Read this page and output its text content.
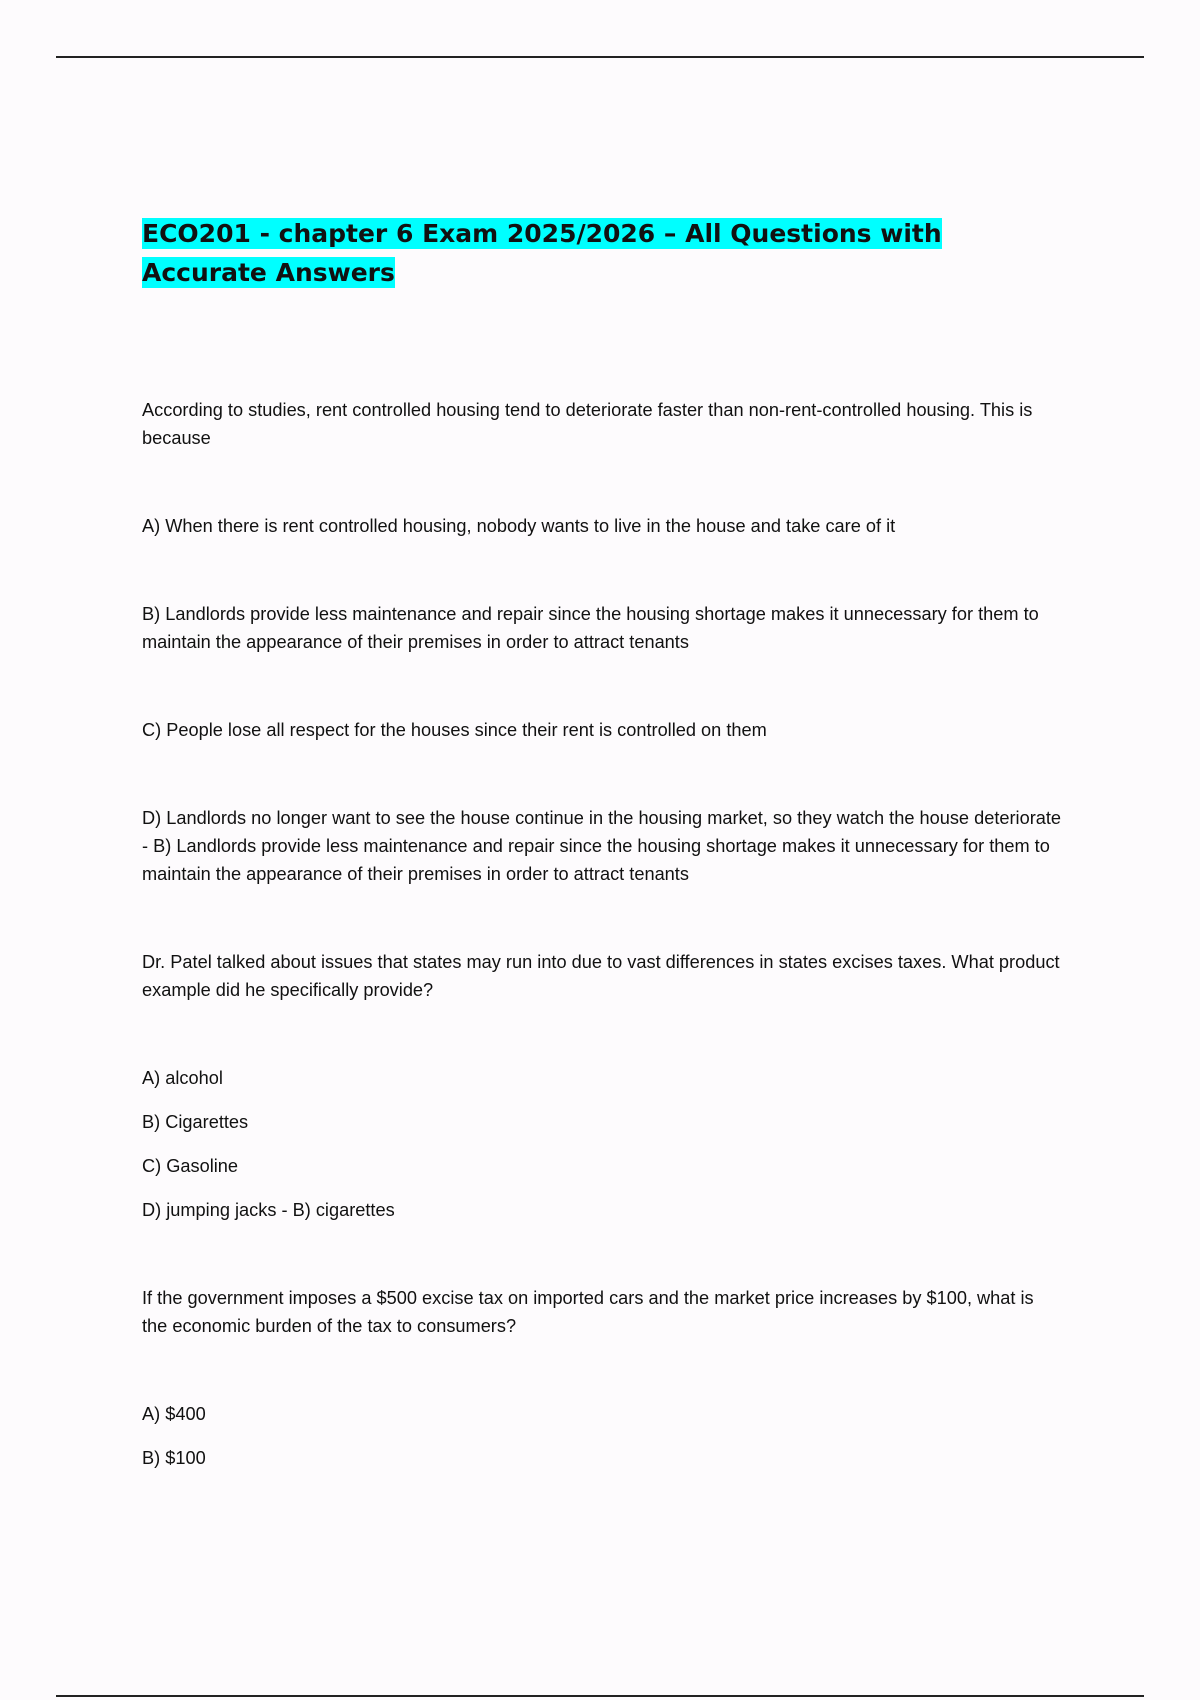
ECO201 - chapter 6 Exam 2025/2026 – All Questions with Accurate Answers

According to studies, rent controlled housing tend to deteriorate faster than non-rent-controlled housing. This is because

A) When there is rent controlled housing, nobody wants to live in the house and take care of it

B) Landlords provide less maintenance and repair since the housing shortage makes it unnecessary for them to maintain the appearance of their premises in order to attract tenants

C) People lose all respect for the houses since their rent is controlled on them

D) Landlords no longer want to see the house continue in the housing market, so they watch the house deteriorate - B) Landlords provide less maintenance and repair since the housing shortage makes it unnecessary for them to maintain the appearance of their premises in order to attract tenants

Dr. Patel talked about issues that states may run into due to vast differences in states excises taxes. What product example did he specifically provide?

A) alcohol

B) Cigarettes

C) Gasoline

D) jumping jacks - B) cigarettes

If the government imposes a $500 excise tax on imported cars and the market price increases by $100, what is the economic burden of the tax to consumers?

A) $400

B) $100
